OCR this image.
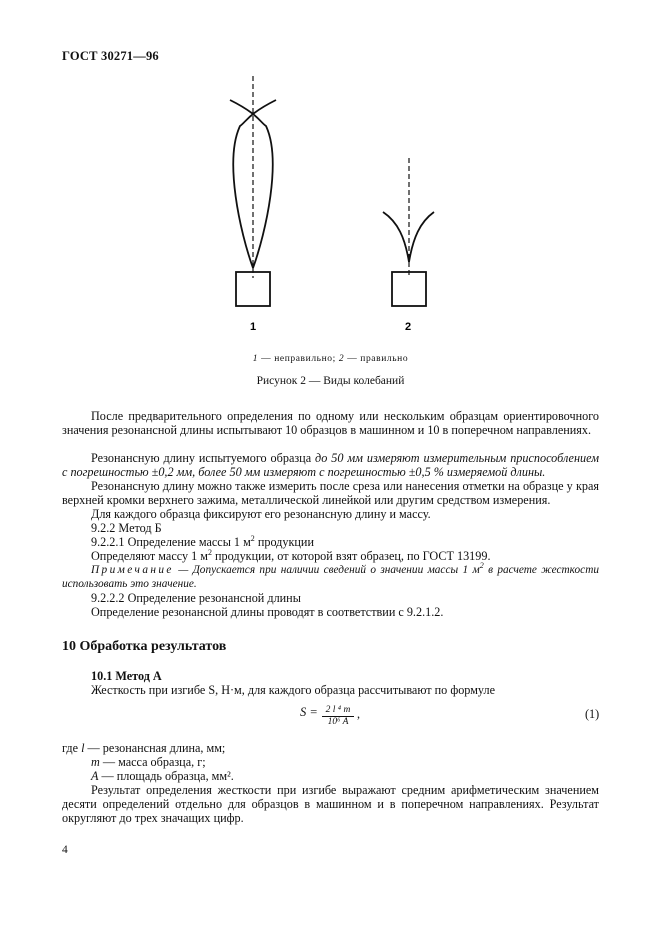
ГОСТ 30271—96
1	2
1 — неправильно; 2 — правильно
Рисунок 2 — Виды колебаний
После предварительного определения по одному или нескольким образцам ориентировочного значения резонансной длины испытывают 10 образцов в машинном и 10 в поперечном направлениях.
Резонансную длину испытуемого образца до 50 мм измеряют измерительным приспособлением с погрешностью ±0,2 мм, более 50 мм измеряют с погрешностью ±0,5 % измеряемой длины.
Резонансную длину можно также измерить после среза или нанесения отметки на образце у края верхней кромки верхнего зажима, металлической линейкой или другим средством измерения.
Для каждого образца фиксируют его резонансную длину и массу.
9.2.2 Метод Б
9.2.2.1 Определение массы 1 $м^2$ продукции
Определяют массу 1 $м^2$ продукции, от которой взят образец, по ГОСТ 13199.
Примечание — Допускается при наличии сведений о значении массы 1 $м^2$ в расчете жесткости использовать это значение.
9.2.2.2 Определение резонансной длины
Определение резонансной длины проводят в соответствии с 9.2.1.2.
10 Обработка результатов
10.1 Метод А
Жесткость при изгибе S, Н·м, для каждого образца рассчитывают по формуле
$S = \frac{\text{2 l ⁴ m}}{\text{10⁶ A}}$ ,	(1)
где l — резонансная длина, мм;
m — масса образца, г;
A — площадь образца, мм².
Результат определения жесткости при изгибе выражают средним арифметическим значением десяти определений отдельно для образцов в машинном и в поперечном направлениях. Результат округляют до трех значащих цифр.
4
